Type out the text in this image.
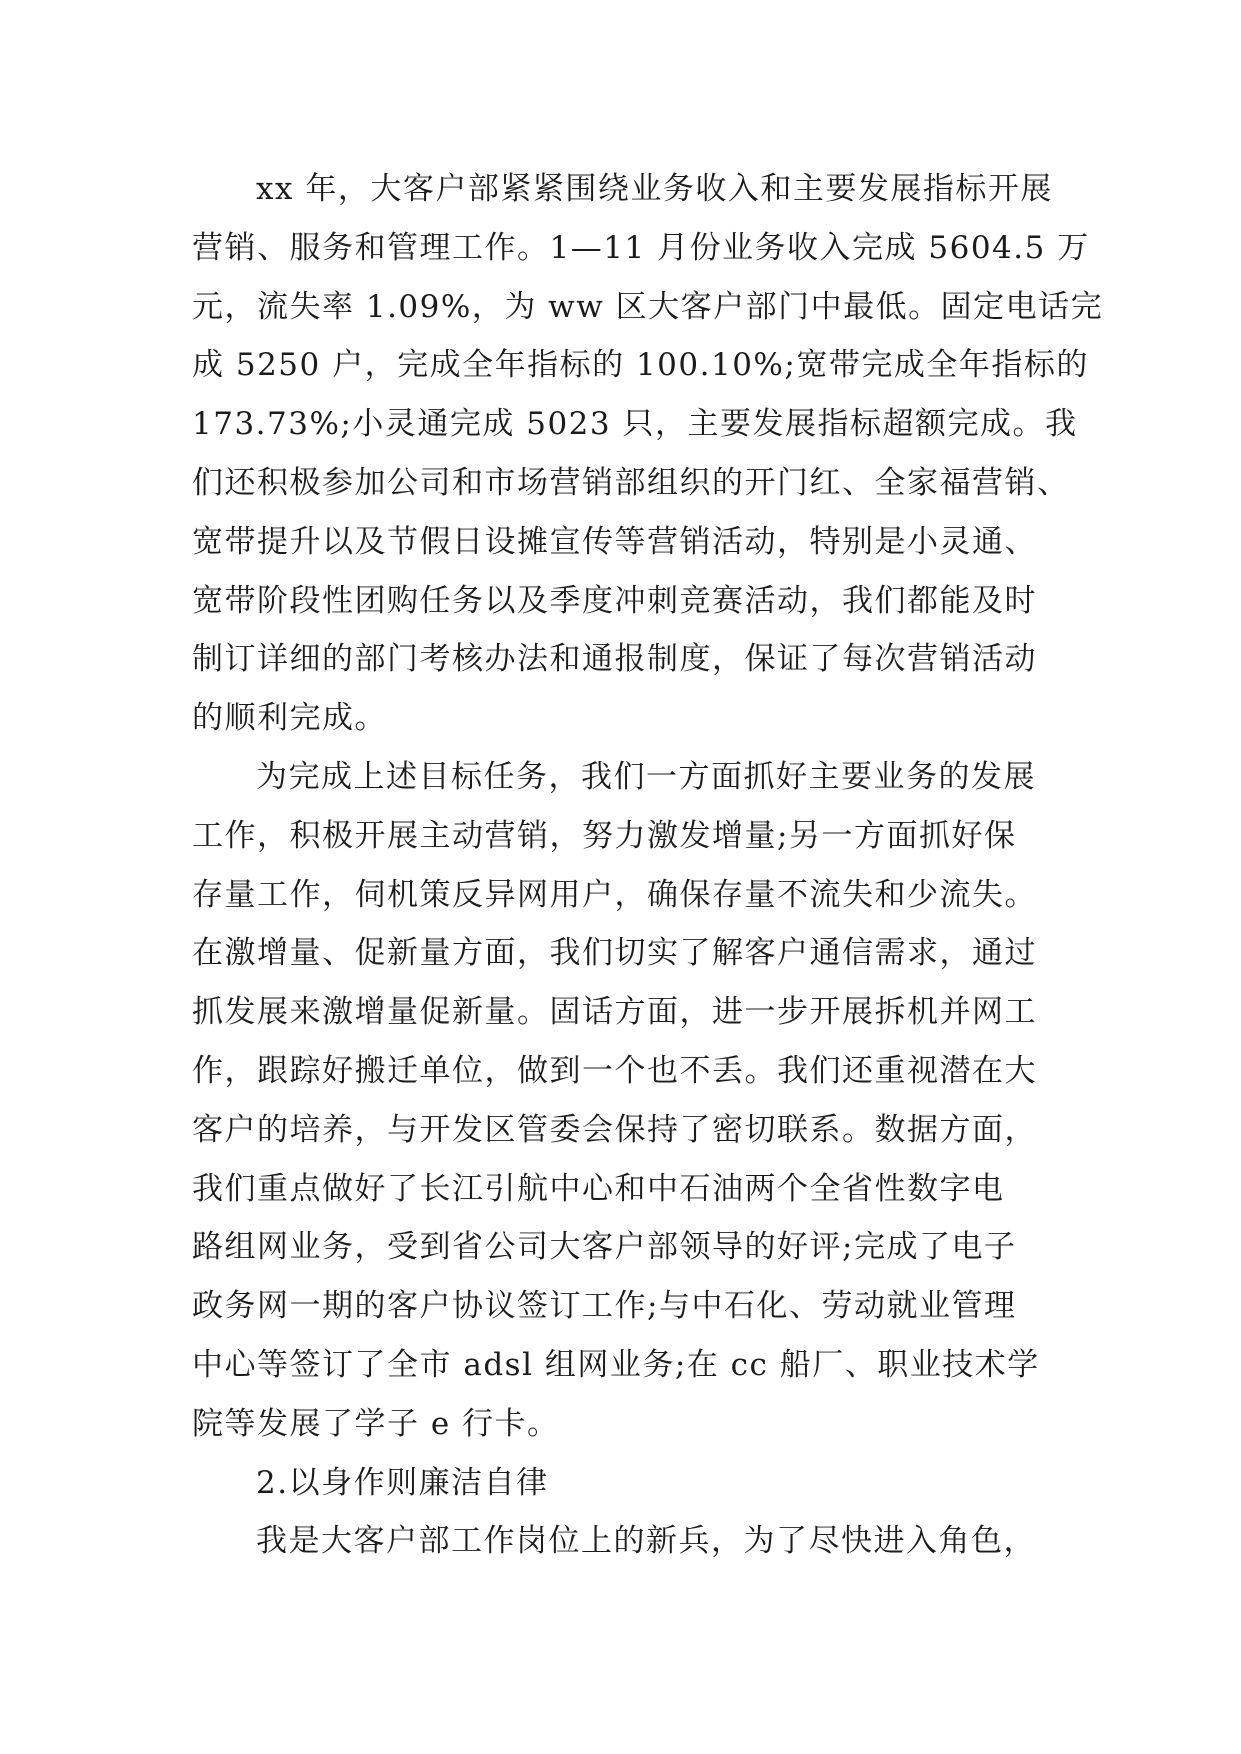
xx 年，大客户部紧紧围绕业务收入和主要发展指标开展
营销、服务和管理工作。1—11 月份业务收入完成 5604.5 万
元，流失率 1.09%，为 ww 区大客户部门中最低。固定电话完
成 5250 户，完成全年指标的 100.10%;宽带完成全年指标的
173.73%;小灵通完成 5023 只，主要发展指标超额完成。我
们还积极参加公司和市场营销部组织的开门红、全家福营销、
宽带提升以及节假日设摊宣传等营销活动，特别是小灵通、
宽带阶段性团购任务以及季度冲刺竞赛活动，我们都能及时
制订详细的部门考核办法和通报制度，保证了每次营销活动
的顺利完成。
为完成上述目标任务，我们一方面抓好主要业务的发展
工作，积极开展主动营销，努力激发增量;另一方面抓好保
存量工作，伺机策反异网用户，确保存量不流失和少流失。
在激增量、促新量方面，我们切实了解客户通信需求，通过
抓发展来激增量促新量。固话方面，进一步开展拆机并网工
作，跟踪好搬迁单位，做到一个也不丢。我们还重视潜在大
客户的培养，与开发区管委会保持了密切联系。数据方面，
我们重点做好了长江引航中心和中石油两个全省性数字电
路组网业务，受到省公司大客户部领导的好评;完成了电子
政务网一期的客户协议签订工作;与中石化、劳动就业管理
中心等签订了全市 adsl 组网业务;在 cc 船厂、职业技术学
院等发展了学子 e 行卡。
2.以身作则廉洁自律
我是大客户部工作岗位上的新兵，为了尽快进入角色，
